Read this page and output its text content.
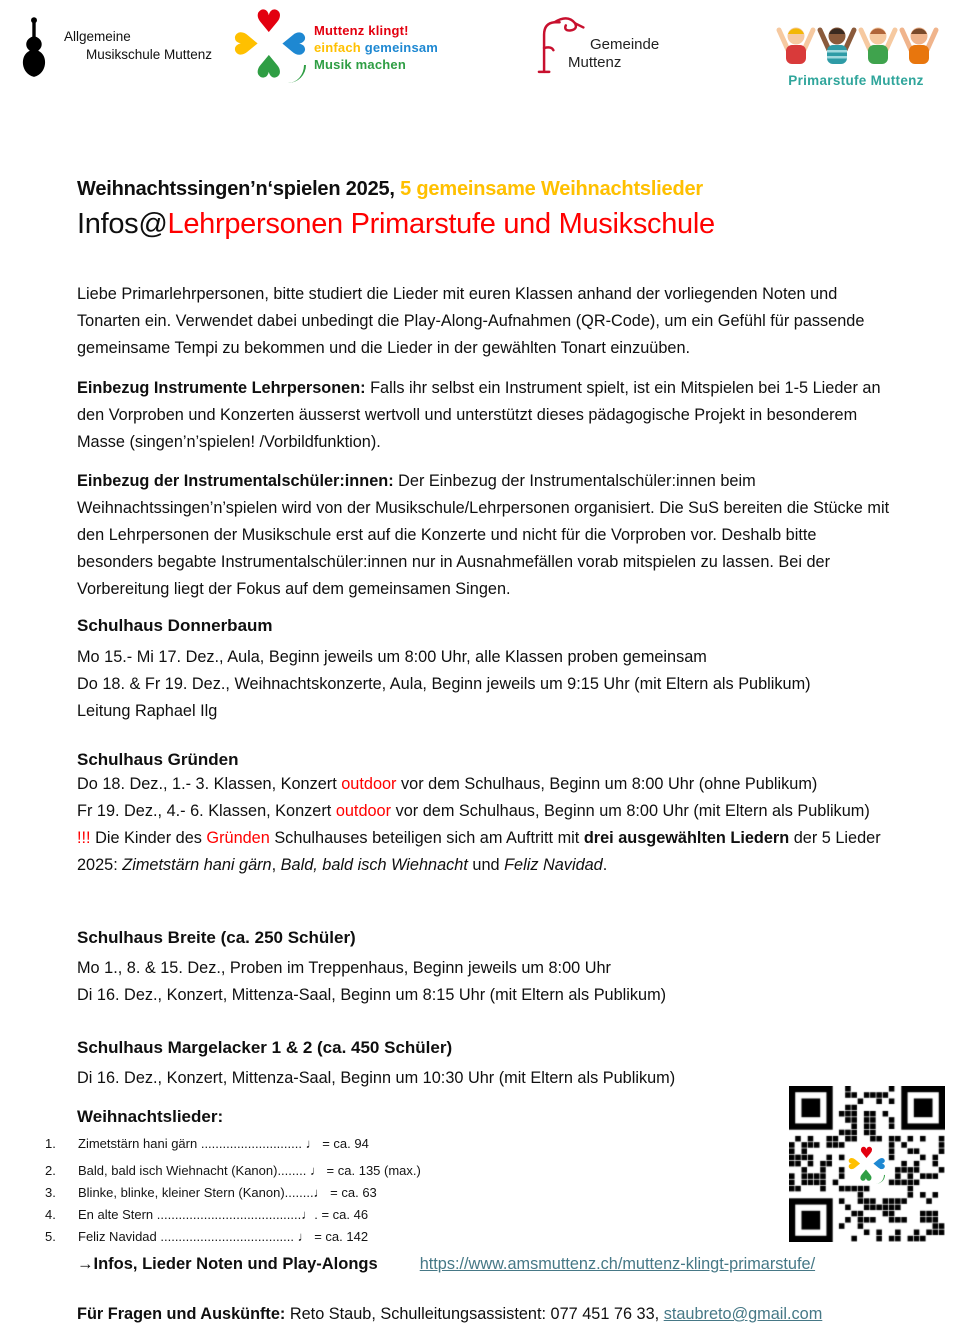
Allgemeine
Musikschule Muttenz
♥
♥
♥
♥
Muttenz klingt!
einfach gemeinsam
Musik machen
Gemeinde
Muttenz
Primarstufe Muttenz
Weihnachtssingen’n‘spielen 2025, 5 gemeinsame Weihnachtslieder
Infos@Lehrpersonen Primarstufe und Musikschule
Liebe Primarlehrpersonen, bitte studiert die Lieder mit euren Klassen anhand der vorliegenden Noten und Tonarten ein. Verwendet dabei unbedingt die Play-Along-Aufnahmen (QR-Code), um ein Gefühl für passende gemeinsame Tempi zu bekommen und die Lieder in der gewählten Tonart einzuüben.
Einbezug Instrumente Lehrpersonen: Falls ihr selbst ein Instrument spielt, ist ein Mitspielen bei 1-5 Lieder an den Vorproben und Konzerten äusserst wertvoll und unterstützt dieses pädagogische Projekt in besonderem Masse (singen’n’spielen! /Vorbildfunktion).
Einbezug der Instrumentalschüler:innen: Der Einbezug der Instrumentalschüler:innen beim Weihnachtssingen’n’spielen wird von der Musikschule/Lehrpersonen organisiert. Die SuS bereiten die Stücke mit den Lehrpersonen der Musikschule erst auf die Konzerte und nicht für die Vorproben vor. Deshalb bitte besonders begabte Instrumentalschüler:innen nur in Ausnahmefällen vorab mitspielen zu lassen. Bei der Vorbereitung liegt der Fokus auf dem gemeinsamen Singen.
Schulhaus Donnerbaum
Mo 15.- Mi 17. Dez., Aula, Beginn jeweils um 8:00 Uhr, alle Klassen proben gemeinsam
Do 18. & Fr 19. Dez., Weihnachtskonzerte, Aula, Beginn jeweils um 9:15 Uhr (mit Eltern als Publikum)
Leitung Raphael Ilg
Schulhaus Gründen
Do 18. Dez., 1.- 3. Klassen, Konzert outdoor vor dem Schulhaus, Beginn um 8:00 Uhr (ohne Publikum)
Fr 19. Dez., 4.- 6. Klassen, Konzert outdoor vor dem Schulhaus, Beginn um 8:00 Uhr (mit Eltern als Publikum)
!!! Die Kinder des Gründen Schulhauses beteiligen sich am Auftritt mit drei ausgewählten Liedern der 5 Lieder 2025: Zimetstärn hani gärn, Bald, bald isch Wiehnacht und Feliz Navidad.
Schulhaus Breite (ca. 250 Schüler)
Mo 1., 8. & 15. Dez., Proben im Treppenhaus, Beginn jeweils um 8:00 Uhr
Di 16. Dez., Konzert, Mittenza-Saal, Beginn um 8:15 Uhr (mit Eltern als Publikum)
Schulhaus Margelacker 1 & 2 (ca. 450 Schüler)
Di 16. Dez., Konzert, Mittenza-Saal, Beginn um 10:30 Uhr (mit Eltern als Publikum)
Weihnachtslieder:
1. Zimetstärn hani gärn ............................ ♩ = ca. 94
2. Bald, bald isch Wiehnacht (Kanon)........ ♩ = ca. 135 (max.)
3. Blinke, blinke, kleiner Stern (Kanon)........♩ = ca. 63
4. En alte Stern ........................................♩. = ca. 46
5. Feliz Navidad ..................................... ♩ = ca. 142
♥
♥
♥
♥
→Infos, Lieder Noten und Play-Alongs	https://www.amsmuttenz.ch/muttenz-klingt-primarstufe/
Für Fragen und Auskünfte: Reto Staub, Schulleitungsassistent: 077 451 76 33, staubreto@gmail.com
